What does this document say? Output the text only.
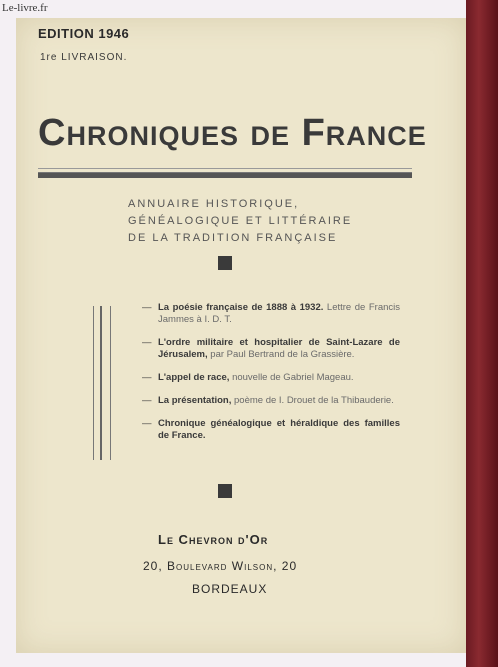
Le-livre.fr
EDITION 1946
1re LIVRAISON.
Chroniques de France
ANNUAIRE HISTORIQUE,
GÉNÉALOGIQUE ET LITTÉRAIRE
DE LA TRADITION FRANÇAISE
— La poésie française de 1888 à 1932. Lettre de Francis Jammes à I. D. T.
— L'ordre militaire et hospitalier de Saint-Lazare de Jérusalem, par Paul Bertrand de la Grassière.
— L'appel de race, nouvelle de Gabriel Mageau.
— La présentation, poème de I. Drouet de la Thibauderie.
— Chronique généalogique et héraldique des familles de France.
Le Chevron d'Or
20, Boulevard Wilson, 20
BORDEAUX
